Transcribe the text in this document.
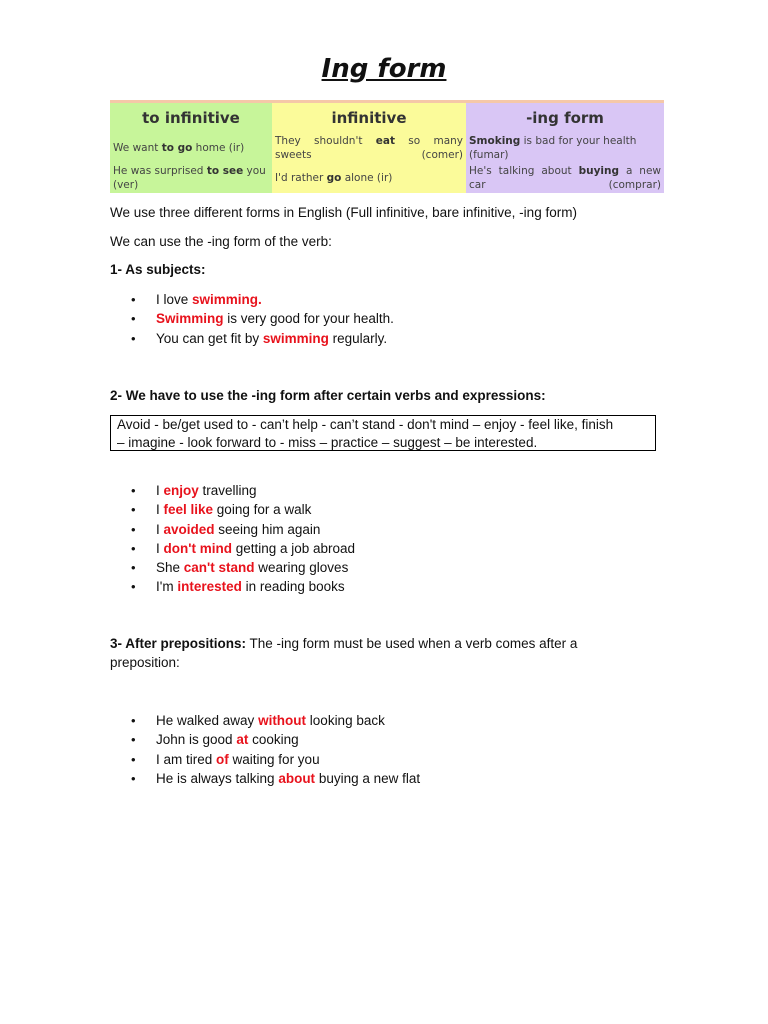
Ing form
to infinitive	infinitive	-ing form
We want to go home (ir)	They shouldn't eat so many sweets (comer)	Smoking is bad for your health (fumar)
He was surprised to see you (ver)	I'd rather go alone (ir)	He's talking about buying a new car (comprar)
We use three different forms in English (Full infinitive, bare infinitive, -ing form)
We can use the -ing form of the verb:
1- As subjects:
• I love swimming.
• Swimming is very good for your health.
• You can get fit by swimming regularly.
2- We have to use the -ing form after certain verbs and expressions:
Avoid - be/get used to - can’t help - can’t stand - don't mind – enjoy - feel like, finish
– imagine - look forward to - miss – practice – suggest – be interested.
• I enjoy travelling
• I feel like going for a walk
• I avoided seeing him again
• I don't mind getting a job abroad
• She can't stand wearing gloves
• I'm interested in reading books
3- After prepositions: The -ing form must be used when a verb comes after a preposition:
• He walked away without looking back
• John is good at cooking
• I am tired of waiting for you
• He is always talking about buying a new flat
